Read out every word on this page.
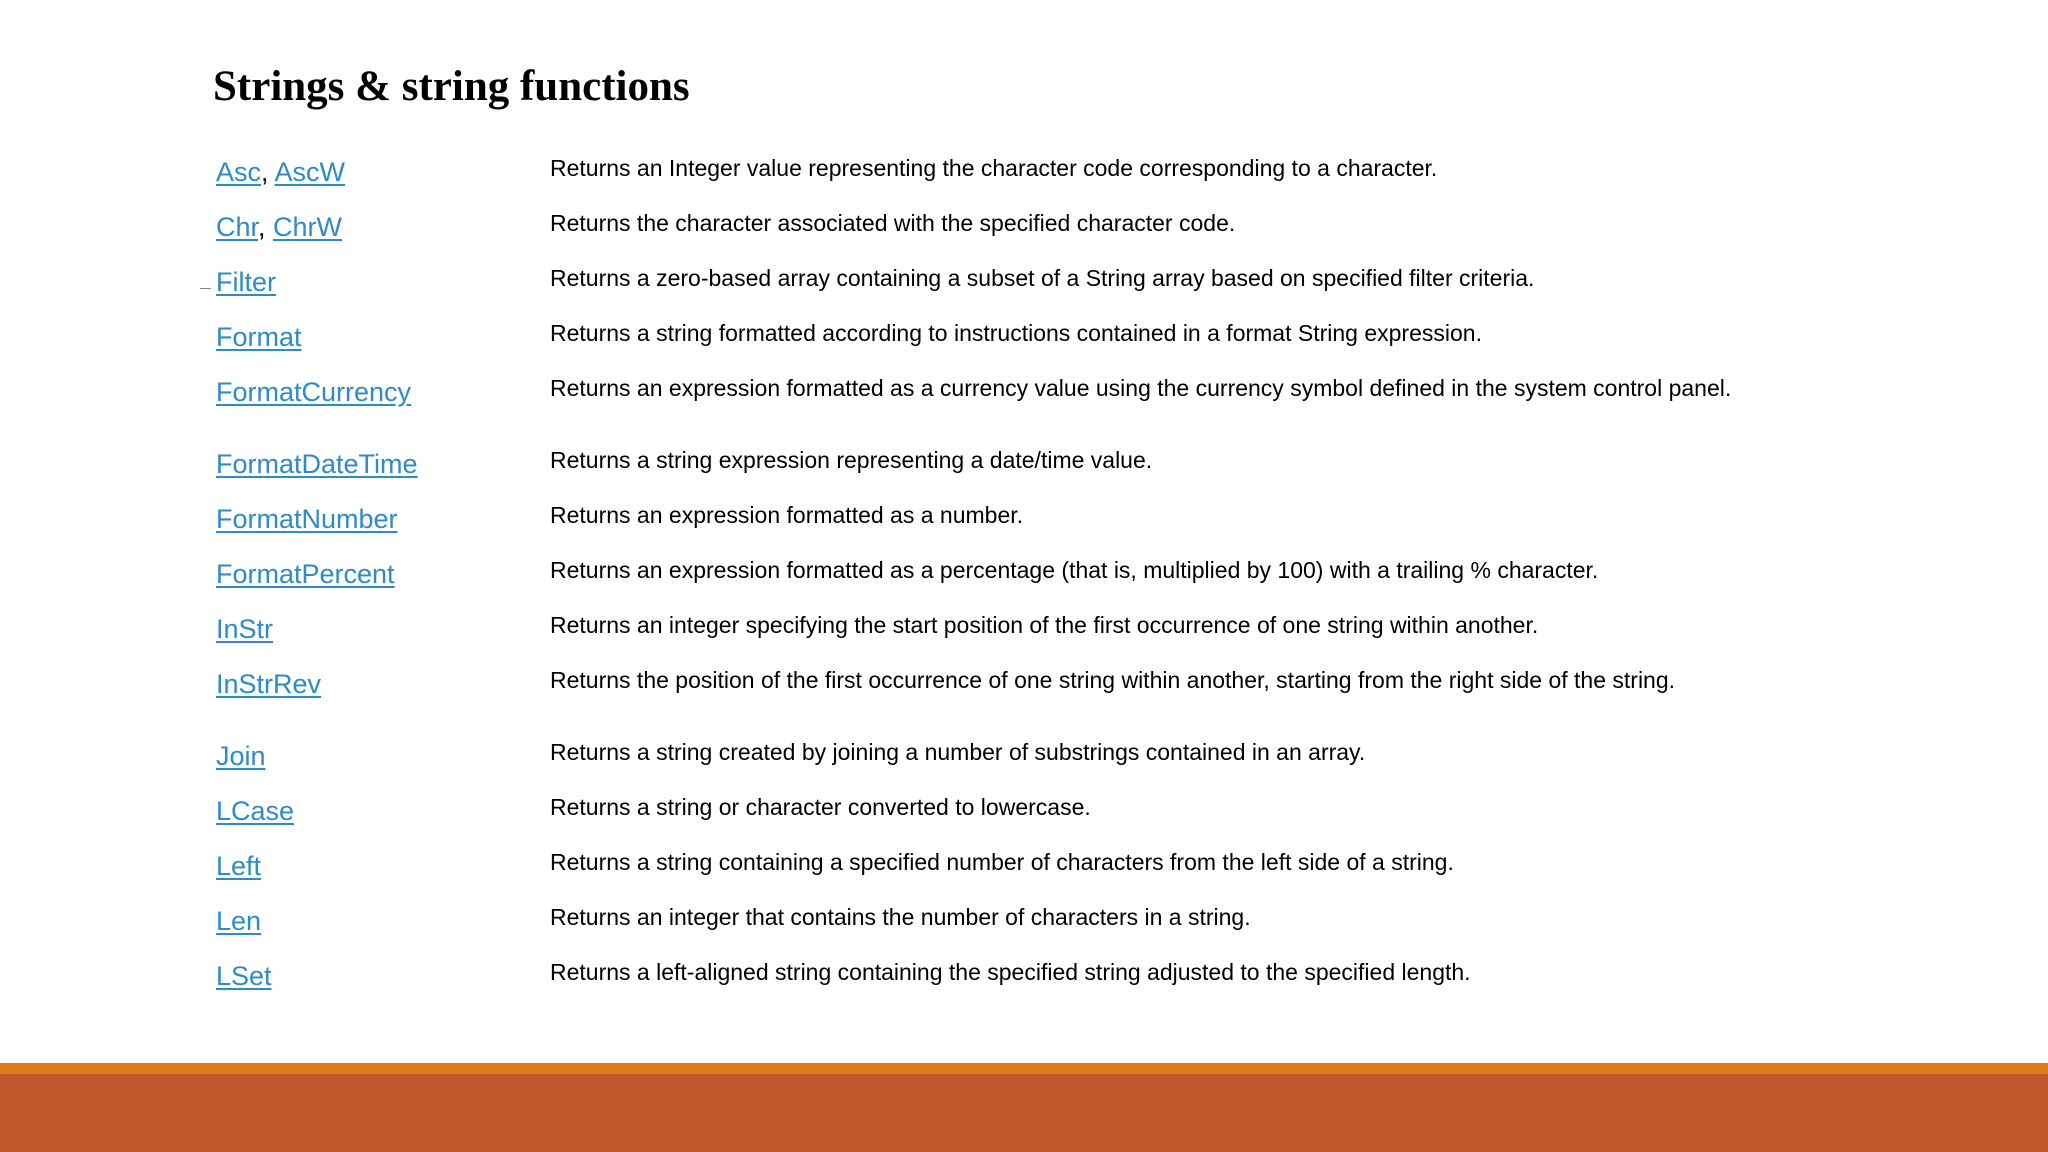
Strings & string functions
Asc, AscW	Returns an Integer value representing the character code corresponding to a character.
Chr, ChrW	Returns the character associated with the specified character code.
Filter	Returns a zero-based array containing a subset of a String array based on specified filter criteria.
Format	Returns a string formatted according to instructions contained in a format String expression.
FormatCurrency	Returns an expression formatted as a currency value using the currency symbol defined in the system control panel.
FormatDateTime	Returns a string expression representing a date/time value.
FormatNumber	Returns an expression formatted as a number.
FormatPercent	Returns an expression formatted as a percentage (that is, multiplied by 100) with a trailing % character.
InStr	Returns an integer specifying the start position of the first occurrence of one string within another.
InStrRev	Returns the position of the first occurrence of one string within another, starting from the right side of the string.
Join	Returns a string created by joining a number of substrings contained in an array.
LCase	Returns a string or character converted to lowercase.
Left	Returns a string containing a specified number of characters from the left side of a string.
Len	Returns an integer that contains the number of characters in a string.
LSet	Returns a left-aligned string containing the specified string adjusted to the specified length.
